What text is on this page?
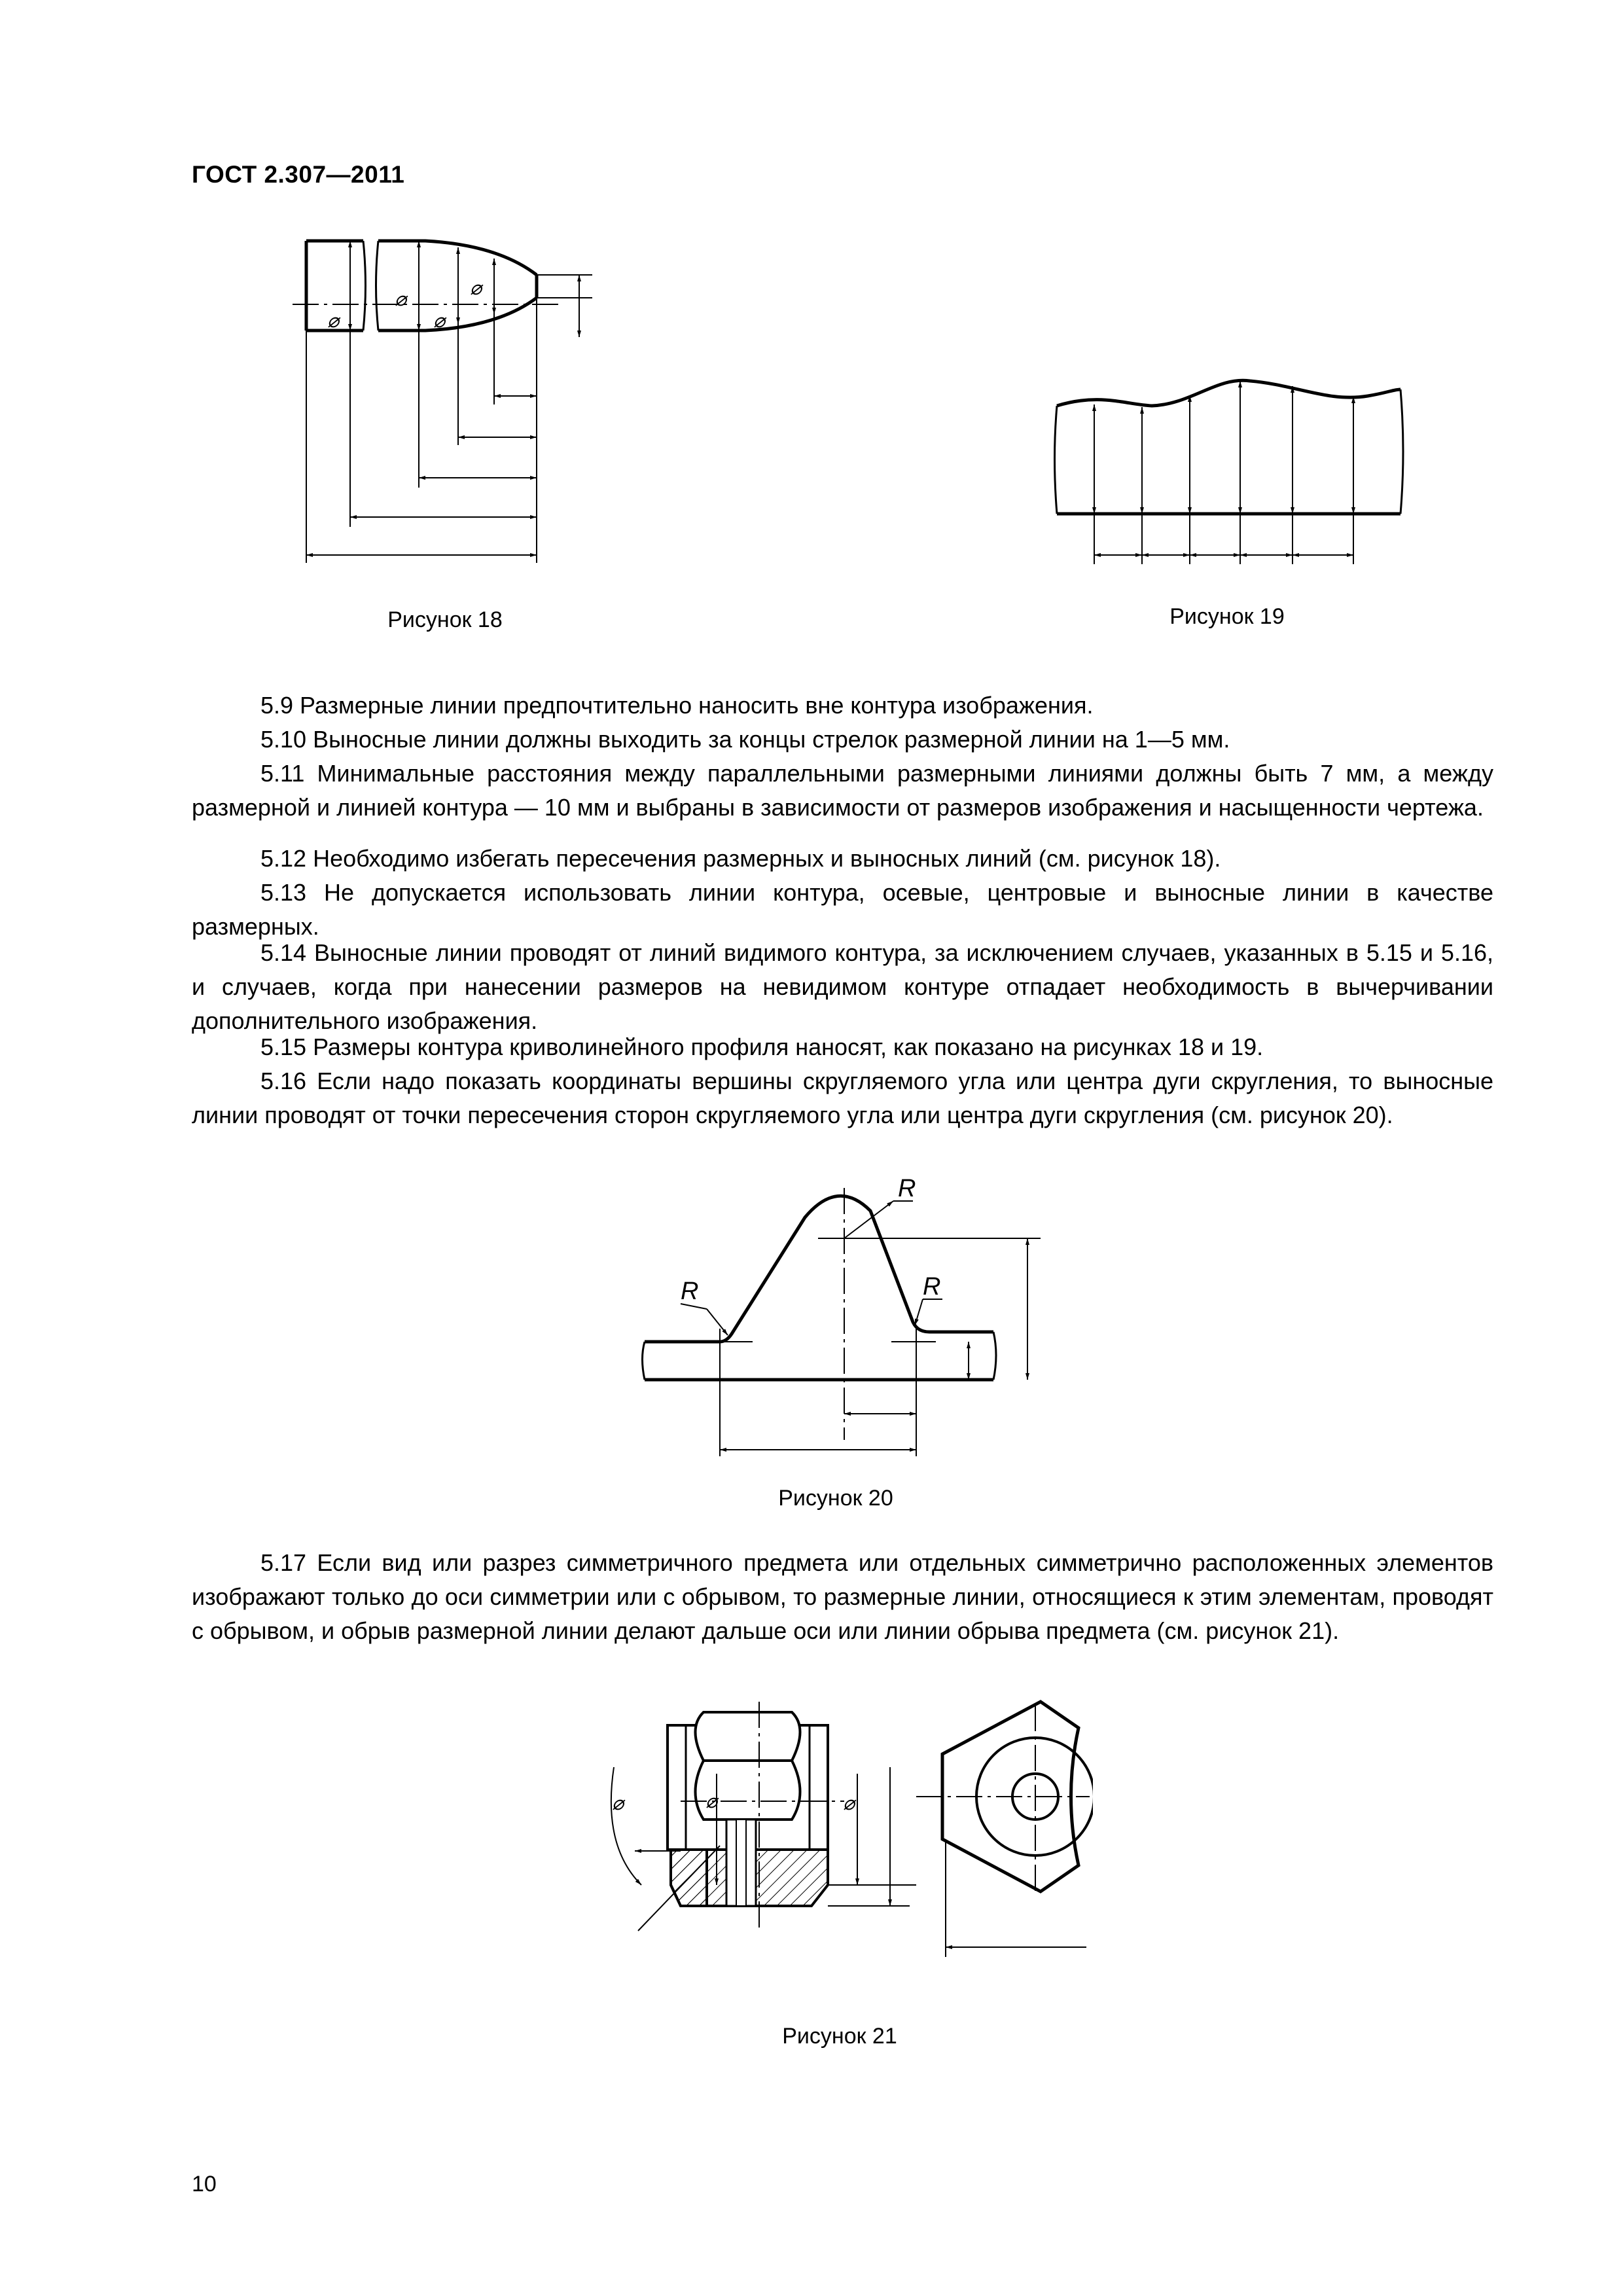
ГОСТ 2.307—2011
⌀
⌀
⌀
⌀
Рисунок 18	Рисунок 19

5.9 Размерные линии предпочтительно наносить вне контура изображения.

5.10 Выносные линии должны выходить за концы стрелок размерной линии на 1—5 мм.

5.11 Минимальные расстояния между параллельными размерными линиями должны быть 7 мм, а между размерной и линией контура — 10 мм и выбраны в зависимости от размеров изображения и насыщенности чертежа.

5.12 Необходимо избегать пересечения размерных и выносных линий (см. рисунок 18).

5.13 Не допускается использовать линии контура, осевые, центровые и выносные линии в качестве размерных.

5.14 Выносные линии проводят от линий видимого контура, за исключением случаев, указанных в 5.15 и 5.16, и случаев, когда при нанесении размеров на невидимом контуре отпадает необходимость в вычерчивании дополнительного изображения.

5.15 Размеры контура криволинейного профиля наносят, как показано на рисунках 18 и 19.

5.16 Если надо показать координаты вершины скругляемого угла или центра дуги скругления, то выносные линии проводят от точки пересечения сторон скругляемого угла или центра дуги скругления (см. рисунок 20).

R
R	R
Рисунок 20

5.17 Если вид или разрез симметричного предмета или отдельных симметрично расположенных элементов изображают только до оси симметрии или с обрывом, то размерные линии, относящиеся к этим элементам, проводят с обрывом, и обрыв размерной линии делают дальше оси или линии обрыва предмета (см. рисунок 21).

⌀	⌀	⌀
Рисунок 21
10
